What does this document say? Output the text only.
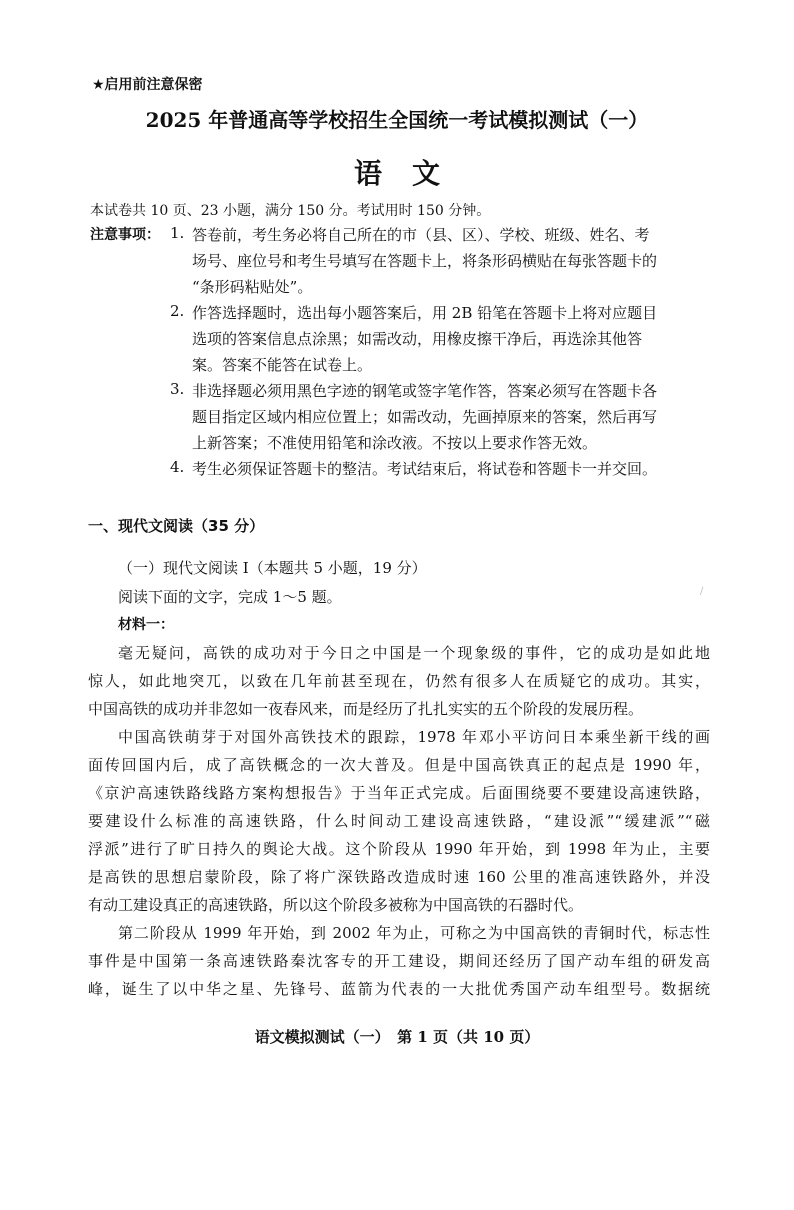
★启用前注意保密
2025 年普通高等学校招生全国统一考试模拟测试（一）
语文
本试卷共 10 页、23 小题，满分 150 分。考试用时 150 分钟。
注意事项： 1. 答卷前，考生务必将自己所在的市（县、区）、学校、班级、姓名、考
场号、座位号和考生号填写在答题卡上，将条形码横贴在每张答题卡的
“条形码粘贴处”。
2. 作答选择题时，选出每小题答案后，用 2B 铅笔在答题卡上将对应题目
选项的答案信息点涂黑；如需改动，用橡皮擦干净后，再选涂其他答
案。答案不能答在试卷上。
3. 非选择题必须用黑色字迹的钢笔或签字笔作答，答案必须写在答题卡各
题目指定区域内相应位置上；如需改动，先画掉原来的答案，然后再写
上新答案；不准使用铅笔和涂改液。不按以上要求作答无效。
4. 考生必须保证答题卡的整洁。考试结束后，将试卷和答题卡一并交回。
一、现代文阅读（35 分）
（一）现代文阅读 I（本题共 5 小题，19 分）
阅读下面的文字，完成 1～5 题。	∕
材料一：
毫无疑问，高铁的成功对于今日之中国是一个现象级的事件，它的成功是如此地
惊人，如此地突兀，以致在几年前甚至现在，仍然有很多人在质疑它的成功。其实，
中国高铁的成功并非忽如一夜春风来，而是经历了扎扎实实的五个阶段的发展历程。
中国高铁萌芽于对国外高铁技术的跟踪，1978 年邓小平访问日本乘坐新干线的画
面传回国内后，成了高铁概念的一次大普及。但是中国高铁真正的起点是 1990 年，
《京沪高速铁路线路方案构想报告》于当年正式完成。后面围绕要不要建设高速铁路，
要建设什么标准的高速铁路，什么时间动工建设高速铁路，“建设派”“缓建派”“磁
浮派”进行了旷日持久的舆论大战。这个阶段从 1990 年开始，到 1998 年为止，主要
是高铁的思想启蒙阶段，除了将广深铁路改造成时速 160 公里的准高速铁路外，并没
有动工建设真正的高速铁路，所以这个阶段多被称为中国高铁的石器时代。
第二阶段从 1999 年开始，到 2002 年为止，可称之为中国高铁的青铜时代，标志性
事件是中国第一条高速铁路秦沈客专的开工建设，期间还经历了国产动车组的研发高
峰，诞生了以中华之星、先锋号、蓝箭为代表的一大批优秀国产动车组型号。数据统
语文模拟测试（一）　第 1 页（共 10 页）
